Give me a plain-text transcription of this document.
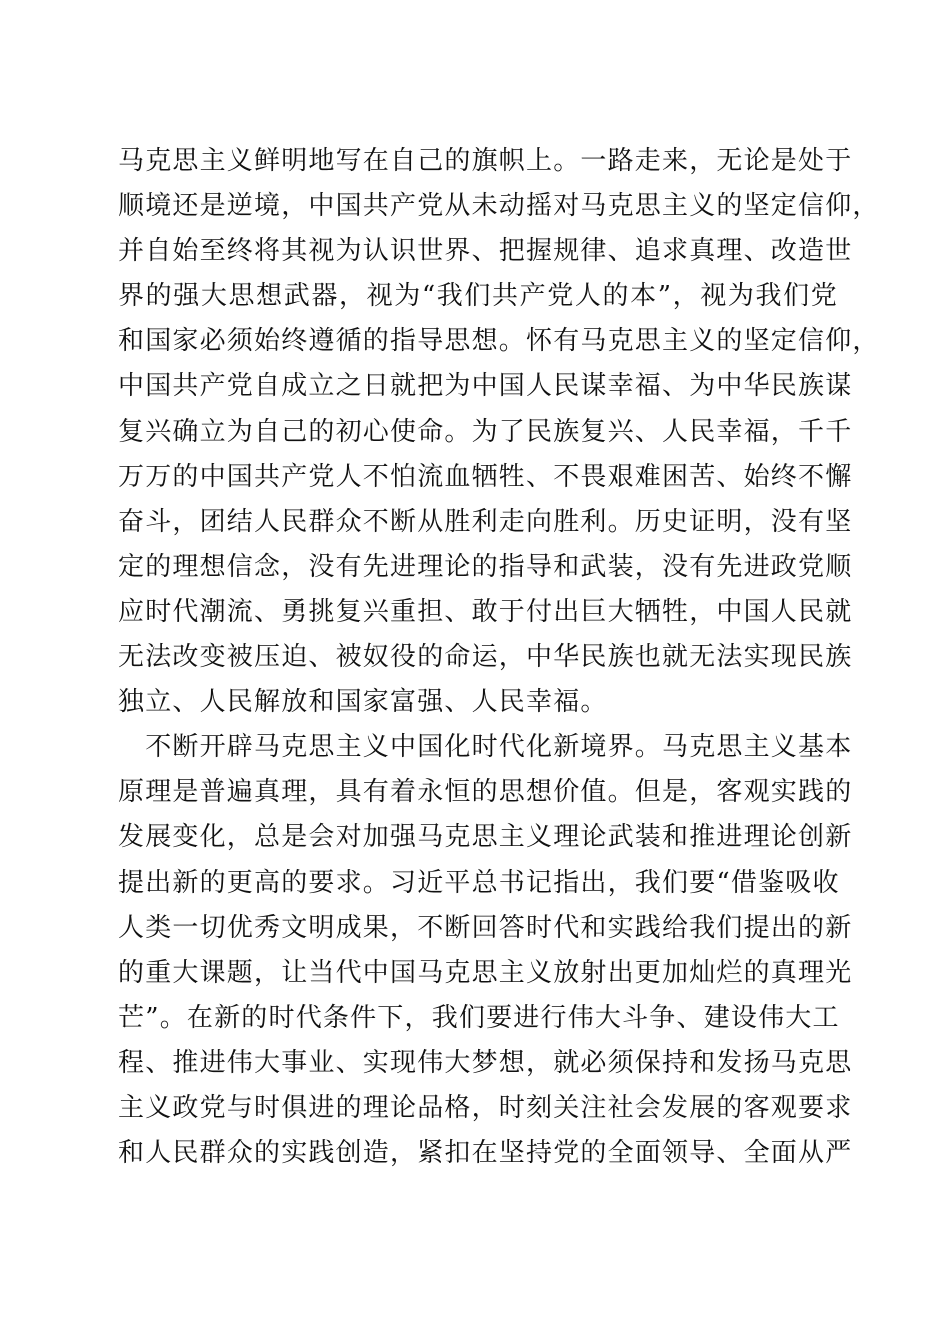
马克思主义鲜明地写在自己的旗帜上。一路走来，无论是处于
顺境还是逆境，中国共产党从未动摇对马克思主义的坚定信仰，
并自始至终将其视为认识世界、把握规律、追求真理、改造世
界的强大思想武器，视为“我们共产党人的本”，视为我们党
和国家必须始终遵循的指导思想。怀有马克思主义的坚定信仰，
中国共产党自成立之日就把为中国人民谋幸福、为中华民族谋
复兴确立为自己的初心使命。为了民族复兴、人民幸福，千千
万万的中国共产党人不怕流血牺牲、不畏艰难困苦、始终不懈
奋斗，团结人民群众不断从胜利走向胜利。历史证明，没有坚
定的理想信念，没有先进理论的指导和武装，没有先进政党顺
应时代潮流、勇挑复兴重担、敢于付出巨大牺牲，中国人民就
无法改变被压迫、被奴役的命运，中华民族也就无法实现民族
独立、人民解放和国家富强、人民幸福。
　不断开辟马克思主义中国化时代化新境界。马克思主义基本
原理是普遍真理，具有着永恒的思想价值。但是，客观实践的
发展变化，总是会对加强马克思主义理论武装和推进理论创新
提出新的更高的要求。习近平总书记指出，我们要“借鉴吸收
人类一切优秀文明成果，不断回答时代和实践给我们提出的新
的重大课题，让当代中国马克思主义放射出更加灿烂的真理光
芒”。在新的时代条件下，我们要进行伟大斗争、建设伟大工
程、推进伟大事业、实现伟大梦想，就必须保持和发扬马克思
主义政党与时俱进的理论品格，时刻关注社会发展的客观要求
和人民群众的实践创造，紧扣在坚持党的全面领导、全面从严
